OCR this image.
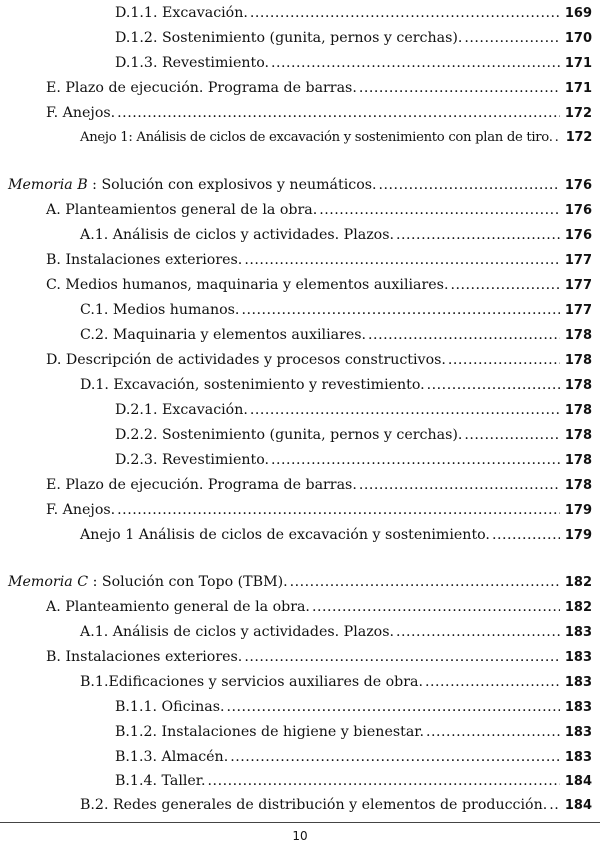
D.1.1. Excavación. .....	169
D.1.2. Sostenimiento (gunita, pernos y cerchas). .....	170
D.1.3. Revestimiento. .....	171
E. Plazo de ejecución. Programa de barras. .....	171
F. Anejos. .....	172
Anejo 1: Análisis de ciclos de excavación y sostenimiento con plan de tiro. ..... 172
Memoria B : Solución con explosivos y neumáticos. .....	176
A. Planteamientos general de la obra. .....	176
A.1. Análisis de ciclos y actividades. Plazos. .....	176
B. Instalaciones exteriores. .....	177
C. Medios humanos, maquinaria y elementos auxiliares. .....	177
C.1. Medios humanos. .....	177
C.2. Maquinaria y elementos auxiliares. .....	178
D. Descripción de actividades y procesos constructivos. .....	178
D.1. Excavación, sostenimiento y revestimiento. .....	178
D.2.1. Excavación. .....	178
D.2.2. Sostenimiento (gunita, pernos y cerchas). .....	178
D.2.3. Revestimiento. .....	178
E. Plazo de ejecución. Programa de barras. .....	178
F. Anejos. .....	179
Anejo 1 Análisis de ciclos de excavación y sostenimiento. .....	179
Memoria C : Solución con Topo (TBM). .....	182
A. Planteamiento general de la obra. .....	182
A.1. Análisis de ciclos y actividades. Plazos. .....	183
B. Instalaciones exteriores. .....	183
B.1.Edificaciones y servicios auxiliares de obra. .....	183
B.1.1. Oficinas. .....	183
B.1.2. Instalaciones de higiene y bienestar. .....	183
B.1.3. Almacén. .....	183
B.1.4. Taller. .....	184
B.2. Redes generales de distribución y elementos de producción. ..... 184
10
